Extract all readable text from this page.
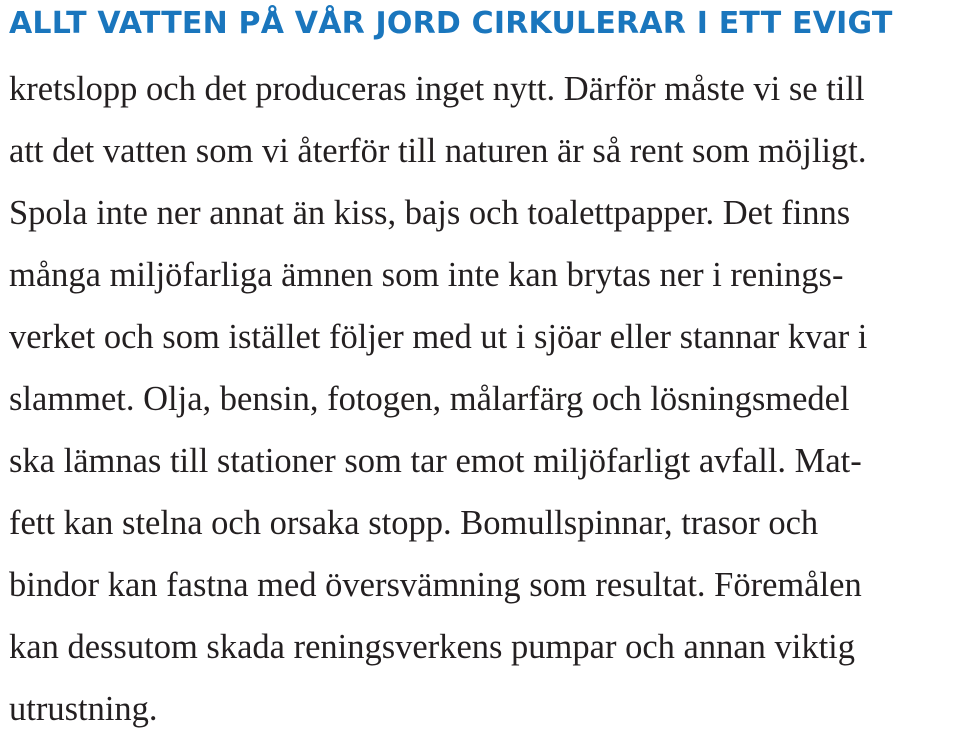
ALLT VATTEN PÅ VÅR JORD CIRKULERAR I ETT EVIGT

kretslopp och det produceras inget nytt. Därför måste vi se till

att det vatten som vi återför till naturen är så rent som möjligt.

Spola inte ner annat än kiss, bajs och toalettpapper. Det finns

många miljöfarliga ämnen som inte kan brytas ner i renings-

verket och som istället följer med ut i sjöar eller stannar kvar i

slammet. Olja, bensin, fotogen, målarfärg och lösningsmedel

ska lämnas till stationer som tar emot miljöfarligt avfall. Mat-

fett kan stelna och orsaka stopp. Bomullspinnar, trasor och

bindor kan fastna med översvämning som resultat. Föremålen

kan dessutom skada reningsverkens pumpar och annan viktig

utrustning.
